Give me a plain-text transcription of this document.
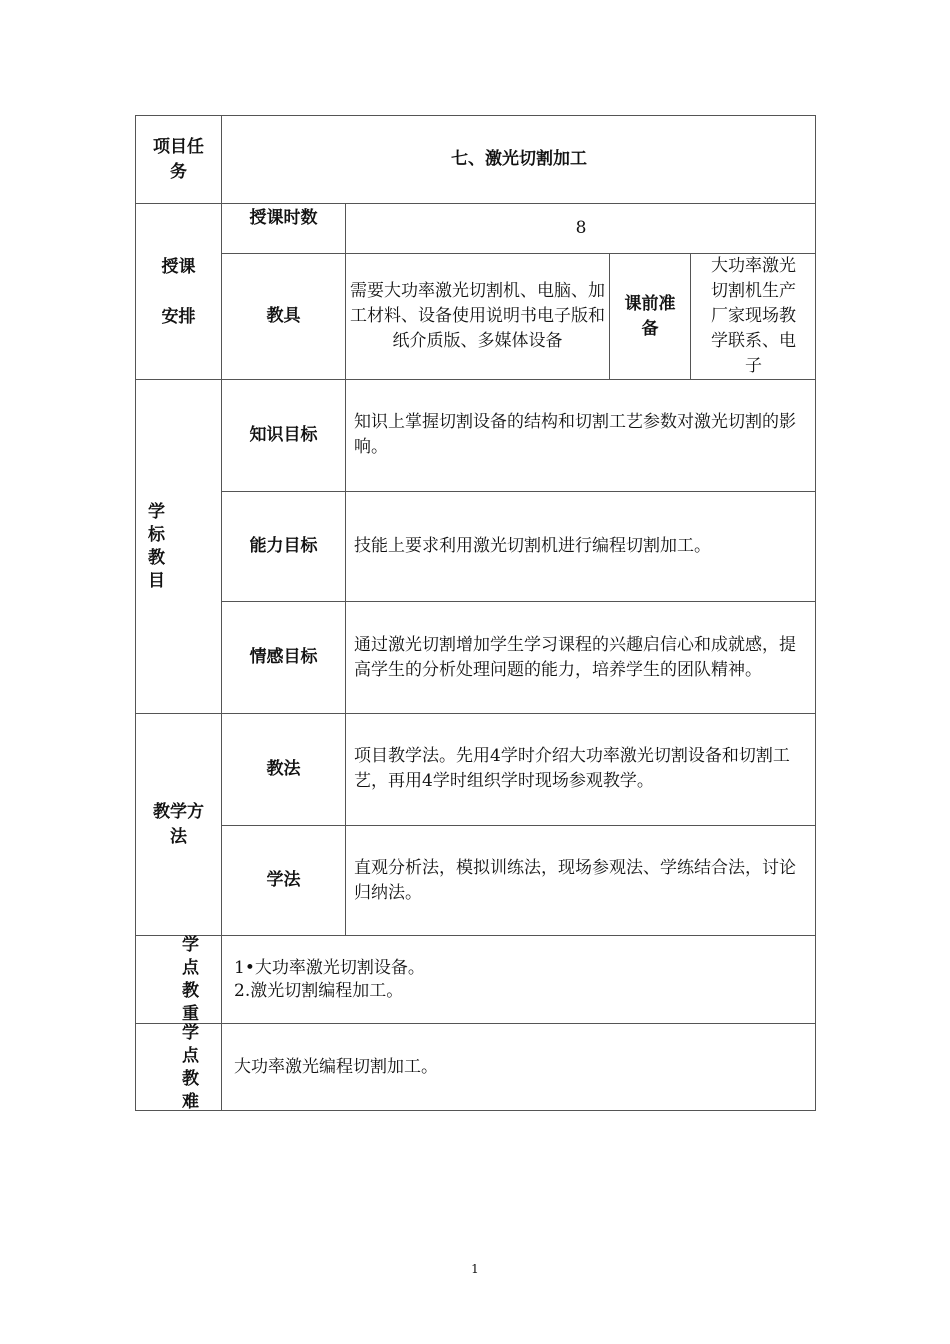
项目任务
七、激光切割加工
授课
安排
授课时数	8
教具
需要大功率激光切割机、电脑、加工材料、设备使用说明书电子版和纸介质版、多媒体设备
课前准备
大功率激光切割机生产厂家现场教学联系、电子
学
标
教
目
知识目标
知识上掌握切割设备的结构和切割工艺参数对激光切割的影响。
能力目标 技能上要求利用激光切割机进行编程切割加工。
情感目标
通过激光切割增加学生学习课程的兴趣启信心和成就感，提高学生的分析处理问题的能力，培养学生的团队精神。
教学方法
教法
项目教学法。先用4学时介绍大功率激光切割设备和切割工艺，再用4学时组织学时现场参观教学。
学法
直观分析法，模拟训练法，现场参观法、学练结合法，讨论归纳法。
学
点
教
重
1•大功率激光切割设备。
2.激光切割编程加工。
学
点
教
难
大功率激光编程切割加工。
1
